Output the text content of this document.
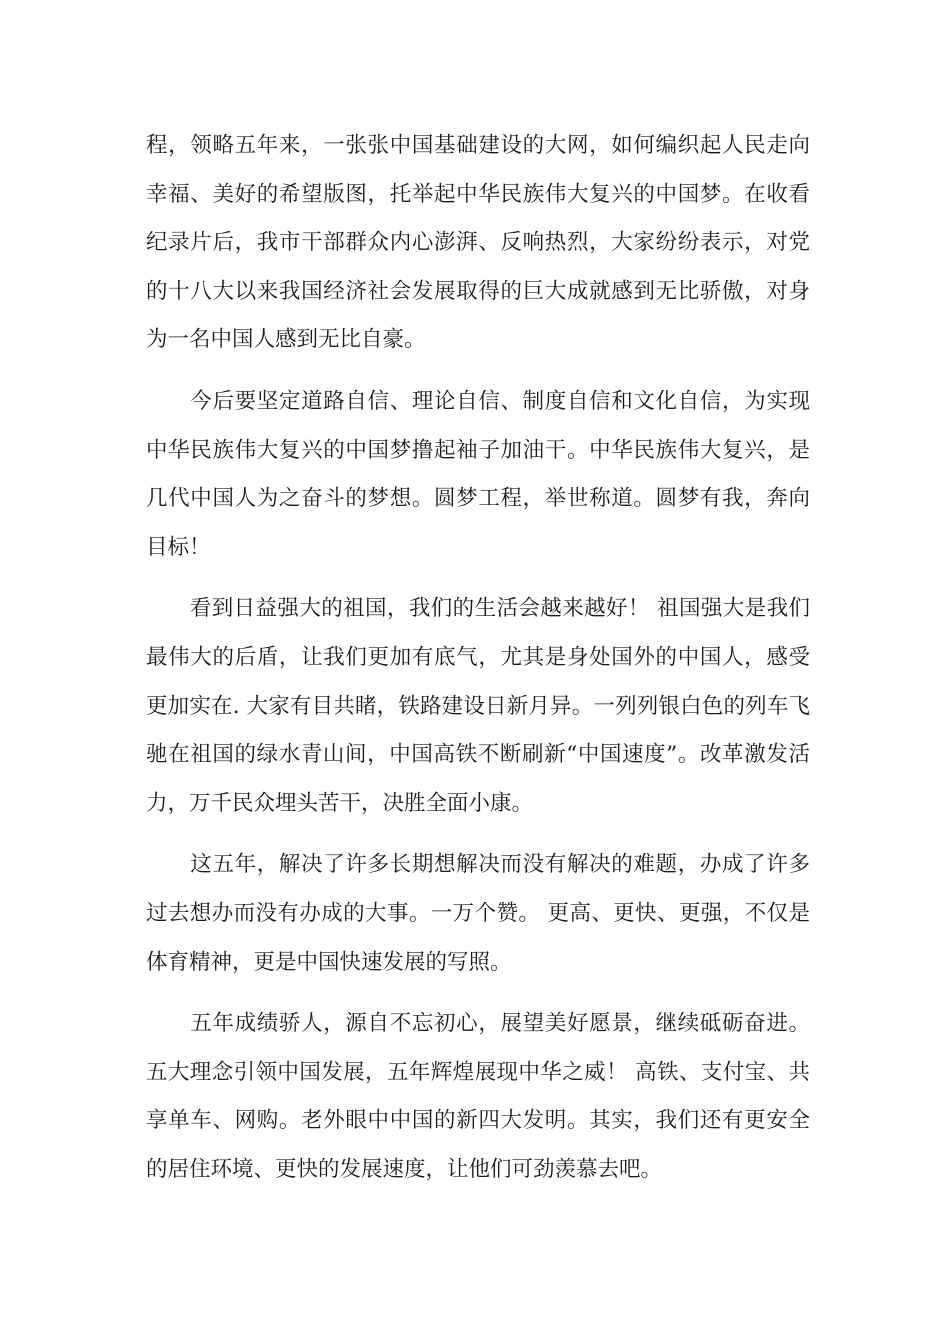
程，领略五年来，一张张中国基础建设的大网，如何编织起人民走向幸福、美好的希望版图，托举起中华民族伟大复兴的中国梦。在收看纪录片后，我市干部群众内心澎湃、反响热烈，大家纷纷表示，对党的十八大以来我国经济社会发展取得的巨大成就感到无比骄傲，对身为一名中国人感到无比自豪。

　　今后要坚定道路自信、理论自信、制度自信和文化自信，为实现中华民族伟大复兴的中国梦撸起袖子加油干。中华民族伟大复兴，是几代中国人为之奋斗的梦想。圆梦工程，举世称道。圆梦有我，奔向目标！

　　看到日益强大的祖国，我们的生活会越来越好！ 祖国强大是我们最伟大的后盾，让我们更加有底气，尤其是身处国外的中国人，感受更加实在. 大家有目共睹，铁路建设日新月异。一列列银白色的列车飞驰在祖国的绿水青山间，中国高铁不断刷新“中国速度”。改革激发活力，万千民众埋头苦干，决胜全面小康。

　　这五年，解决了许多长期想解决而没有解决的难题，办成了许多过去想办而没有办成的大事。一万个赞。 更高、更快、更强，不仅是体育精神，更是中国快速发展的写照。

　　五年成绩骄人，源自不忘初心，展望美好愿景，继续砥砺奋进。 五大理念引领中国发展，五年辉煌展现中华之威！ 高铁、支付宝、共享单车、网购。老外眼中中国的新四大发明。其实，我们还有更安全的居住环境、更快的发展速度，让他们可劲羡慕去吧。
